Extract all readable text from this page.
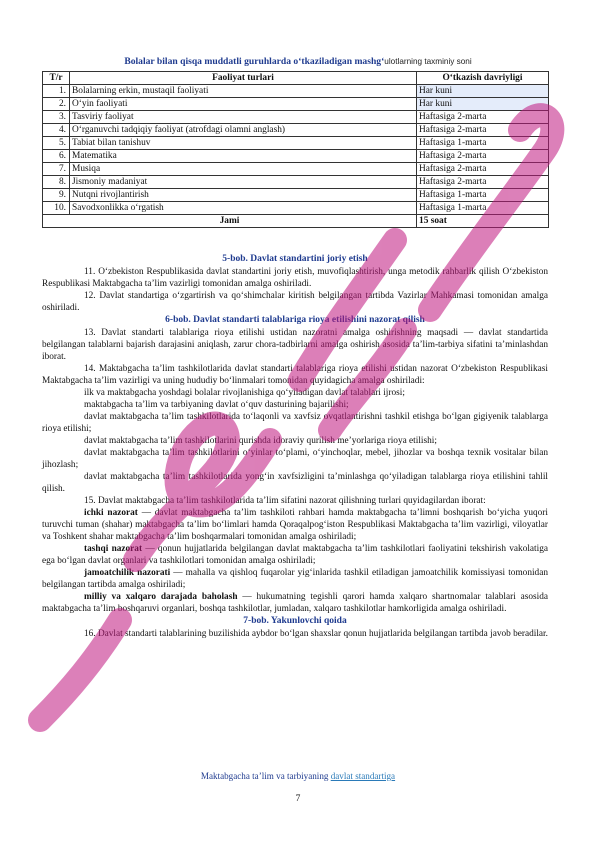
Bolalar bilan qisqa muddatli guruhlarda o‘tkaziladigan mashg‘ulotlarning taxminiy soni
T/r	Faoliyat turlari	O‘tkazish davriyligi
1.	Bolalarning erkin, mustaqil faoliyati	Har kuni
2.	O‘yin faoliyati	Har kuni
3.	Tasviriy faoliyat	Haftasiga 2-marta
4.	O‘rganuvchi tadqiqiy faoliyat (atrofdagi olamni anglash)	Haftasiga 2-marta
5.	Tabiat bilan tanishuv	Haftasiga 1-marta
6.	Matematika	Haftasiga 2-marta
7.	Musiqa	Haftasiga 2-marta
8.	Jismoniy madaniyat	Haftasiga 2-marta
9.	Nutqni rivojlantirish	Haftasiga 1-marta
10.	Savodxonlikka o‘rgatish	Haftasiga 1-marta
Jami		15 soat
5-bob. Davlat standartini joriy etish

11. O‘zbekiston Respublikasida davlat standartini joriy etish, muvofiqlashtirish, unga metodik rahbarlik qilish O‘zbekiston Respublikasi Maktabgacha ta’lim vazirligi tomonidan amalga oshiriladi.

12. Davlat standartiga o‘zgartirish va qo‘shimchalar kiritish belgilangan tartibda Vazirlar Mahkamasi tomonidan amalga oshiriladi.

6-bob. Davlat standarti talablariga rioya etilishini nazorat qilish

13. Davlat standarti talablariga rioya etilishi ustidan nazoratni amalga oshirishning maqsadi — davlat standartida belgilangan talablarni bajarish darajasini aniqlash, zarur chora-tadbirlarni amalga oshirish asosida ta’lim-tarbiya sifatini ta’minlashdan iborat.

14. Maktabgacha ta’lim tashkilotlarida davlat standarti talablariga rioya etilishi ustidan nazorat O‘zbekiston Respublikasi Maktabgacha ta’lim vazirligi va uning hududiy bo‘linmalari tomonidan quyidagicha amalga oshiriladi:

ilk va maktabgacha yoshdagi bolalar rivojlanishiga qo‘yiladigan davlat talablari ijrosi;

maktabgacha ta’lim va tarbiyaning davlat o‘quv dasturining bajarilishi;

davlat maktabgacha ta’lim tashkilotlarida to‘laqonli va xavfsiz ovqatlantirishni tashkil etishga bo‘lgan gigiyenik talablarga rioya etilishi;

davlat maktabgacha ta’lim tashkilotlarini qurishda idoraviy qurilish me’yorlariga rioya etilishi;

davlat maktabgacha ta’lim tashkilotlarini o‘yinlar to‘plami, o‘yinchoqlar, mebel, jihozlar va boshqa texnik vositalar bilan jihozlash;

davlat maktabgacha ta’lim tashkilotlarida yong‘in xavfsizligini ta’minlashga qo‘yiladigan talablarga rioya etilishini tahlil qilish.

15. Davlat maktabgacha ta’lim tashkilotlarida ta’lim sifatini nazorat qilishning turlari quyidagilardan iborat:

ichki nazorat — davlat maktabgacha ta’lim tashkiloti rahbari hamda maktabgacha ta’limni boshqarish bo‘yicha yuqori turuvchi tuman (shahar) maktabgacha ta’lim bo‘limlari hamda Qoraqalpog‘iston Respublikasi Maktabgacha ta’lim vazirligi, viloyatlar va Toshkent shahar maktabgacha ta’lim boshqarmalari tomonidan amalga oshiriladi;

tashqi nazorat — qonun hujjatlarida belgilangan davlat maktabgacha ta’lim tashkilotlari faoliyatini tekshirish vakolatiga ega bo‘lgan davlat organlari va tashkilotlari tomonidan amalga oshiriladi;

jamoatchilik nazorati — mahalla va qishloq fuqarolar yig‘inlarida tashkil etiladigan jamoatchilik komissiyasi tomonidan belgilangan tartibda amalga oshiriladi;

milliy va xalqaro darajada baholash — hukumatning tegishli qarori hamda xalqaro shartnomalar talablari asosida maktabgacha ta’lim boshqaruvi organlari, boshqa tashkilotlar, jumladan, xalqaro tashkilotlar hamkorligida amalga oshiriladi.

7-bob. Yakunlovchi qoida

16. Davlat standarti talablarining buzilishida aybdor bo‘lgan shaxslar qonun hujjatlarida belgilangan tartibda javob beradilar.

Maktabgacha ta’lim va tarbiyaning davlat standartiga
7
